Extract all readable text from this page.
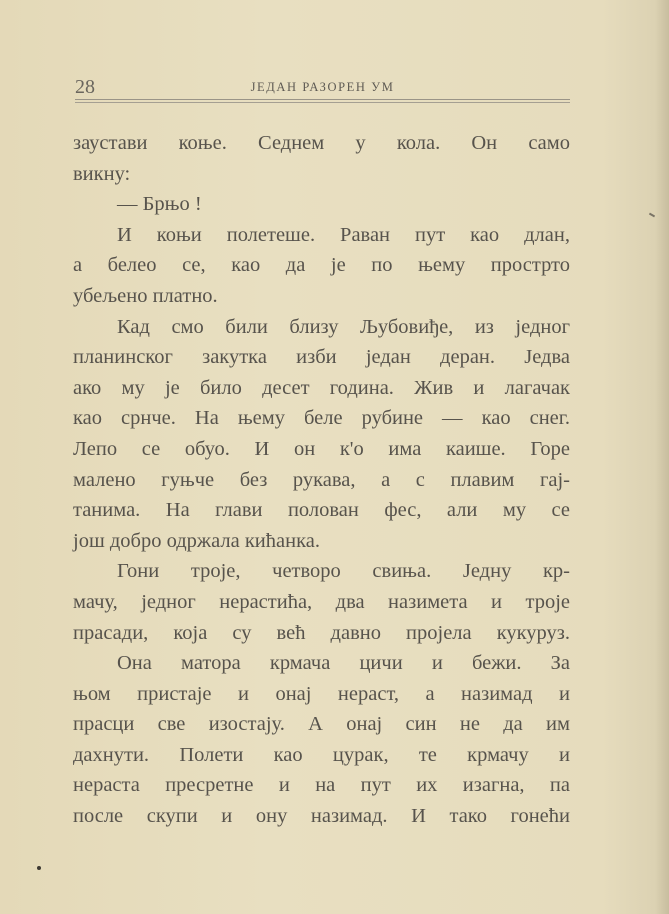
28	ЈЕДАН РАЗОРЕН УМ
заустави коње. Седнем у кола. Он само
викну:
— Брњо !
И коњи полетеше. Раван пут као длан,
а белео се, као да је по њему прострто
убељено платно.
Кад смо били близу Љубовиђе, из једног
планинског закутка изби један деран. Једва
ако му је било десет година. Жив и лагачак
као срнче. На њему беле рубине — као снег.
Лепо се обуо. И он к'о има каише. Горе
малено гуњче без рукава, а с плавим гај-
танима. На глави полован фес, али му се
још добро одржала кићанка.
Гони троје, четворо свиња. Једну кр-
мачу, једног нерастића, два назимета и троје
прасади, која су већ давно пројела кукуруз.
Она матора крмача цичи и бежи. За
њом пристаје и онај нераст, а назимад и
прасци све изостају. А онај син не да им
дахнути. Полети као цурак, те крмачу и
нераста пресретне и на пут их изагна, па
после скупи и ону назимад. И тако гонећи
